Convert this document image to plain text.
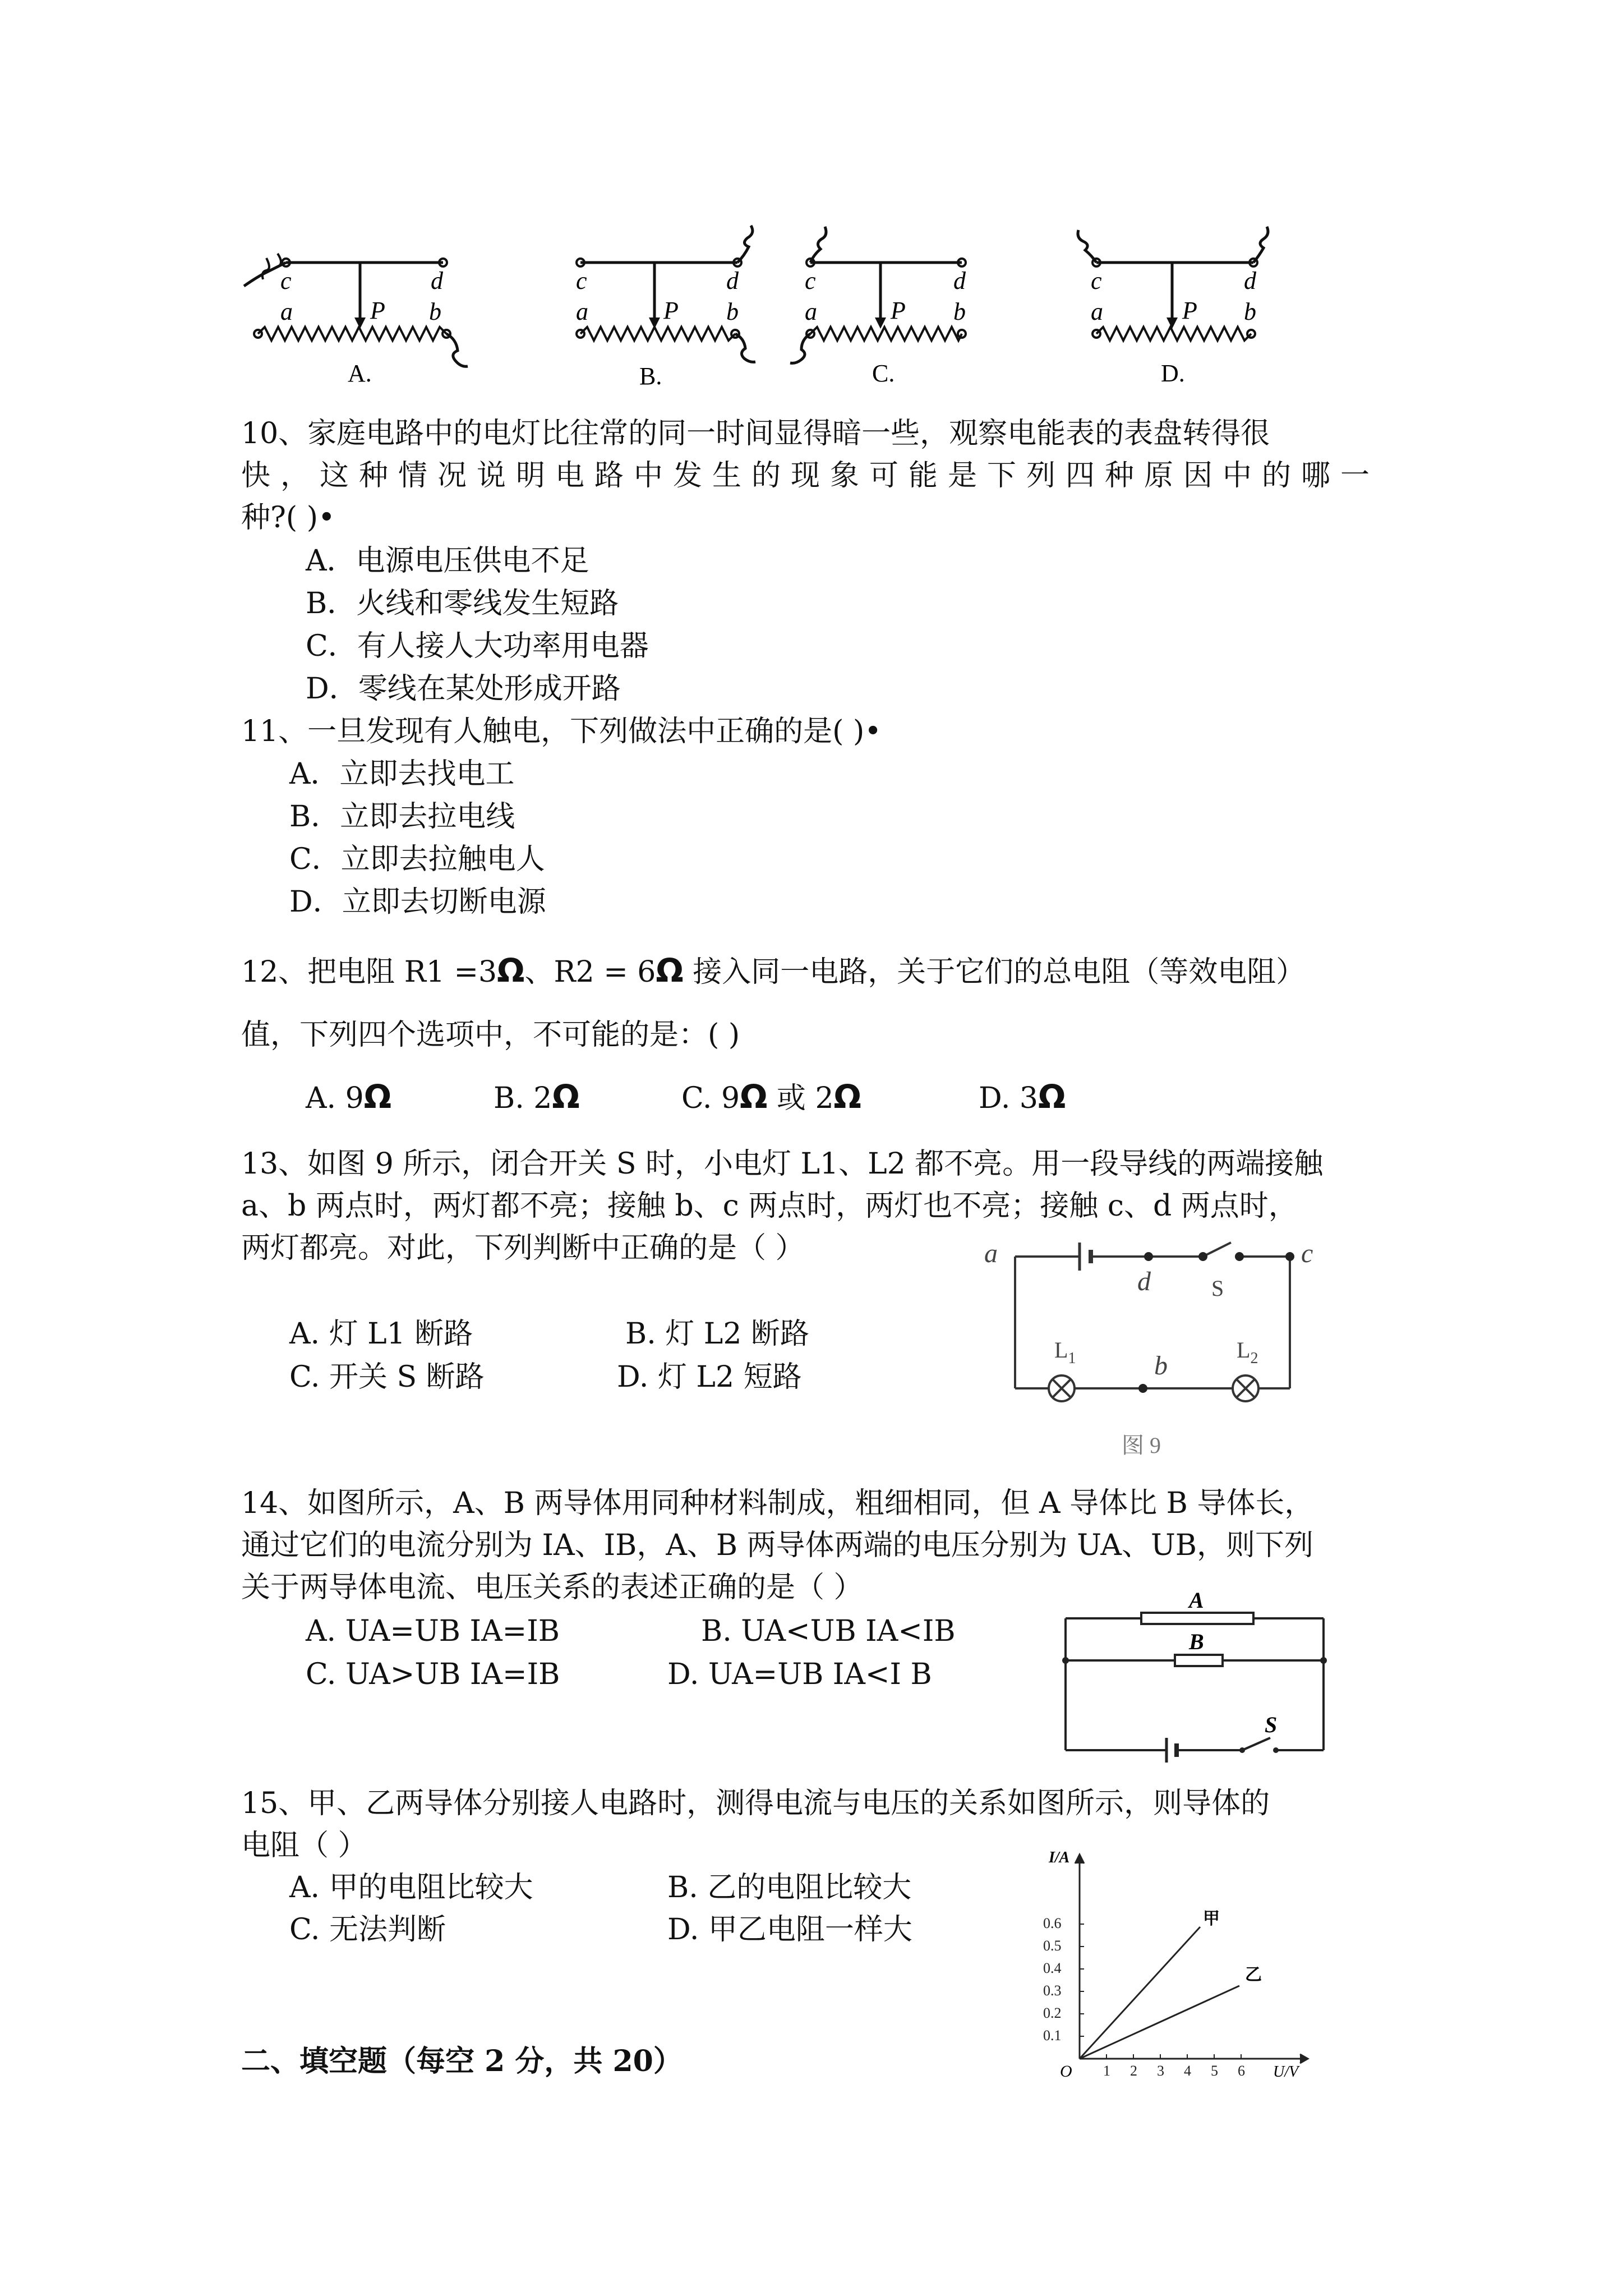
c	d
a	b
P
A.
c	d
a	b
P
B.
c	d
a	b
P
C.
c	d
a	b
P
D.
10、家庭电路中的电灯比往常的同一时间显得暗一些，观察电能表的表盘转得很
快，这种情况说明电路中发生的现象可能是下列四种原因中的哪一
种?( )•
A．电源电压供电不足
B．火线和零线发生短路
C．有人接人大功率用电器
D．零线在某处形成开路
11、一旦发现有人触电，下列做法中正确的是( )•
A．立即去找电工
B．立即去拉电线
C．立即去拉触电人
D．立即去切断电源
12、把电阻 R1 =3Ω、R2 = 6Ω 接入同一电路，关于它们的总电阻（等效电阻）
值，下列四个选项中，不可能的是：( )
A. 9Ω	B. 2Ω	C. 9Ω 或 2Ω	D. 3Ω
13、如图 9 所示，闭合开关 S 时，小电灯 L1、L2 都不亮。用一段导线的两端接触
a、b 两点时，两灯都不亮；接触 b、c 两点时，两灯也不亮；接触 c、d 两点时，
两灯都亮。对此，下列判断中正确的是（ ）
A. 灯 L1 断路	B. 灯 L2 断路
C. 开关 S 断路	D. 灯 L2 短路
a
d
c
S
b
$L_1$	$L_2$
图 9
14、如图所示，A、B 两导体用同种材料制成，粗细相同，但 A 导体比 B 导体长，
通过它们的电流分别为 IA、IB，A、B 两导体两端的电压分别为 UA、UB，则下列
关于两导体电流、电压关系的表述正确的是（ ）
A. UA=UB IA=IB	B. UA<UB IA<IB
C. UA>UB IA=IB	D. UA=UB IA<I B
A
B
S
15、甲、乙两导体分别接人电路时，测得电流与电压的关系如图所示，则导体的
电阻（ ）
A. 甲的电阻比较大	B. 乙的电阻比较大
C. 无法判断	D. 甲乙电阻一样大
0.1
0.2
0.3
0.4
0.5
0.6
1 2 3 4 5 6
O
I/A
U/V
甲
乙
二、填空题（每空 2 分，共 20）
